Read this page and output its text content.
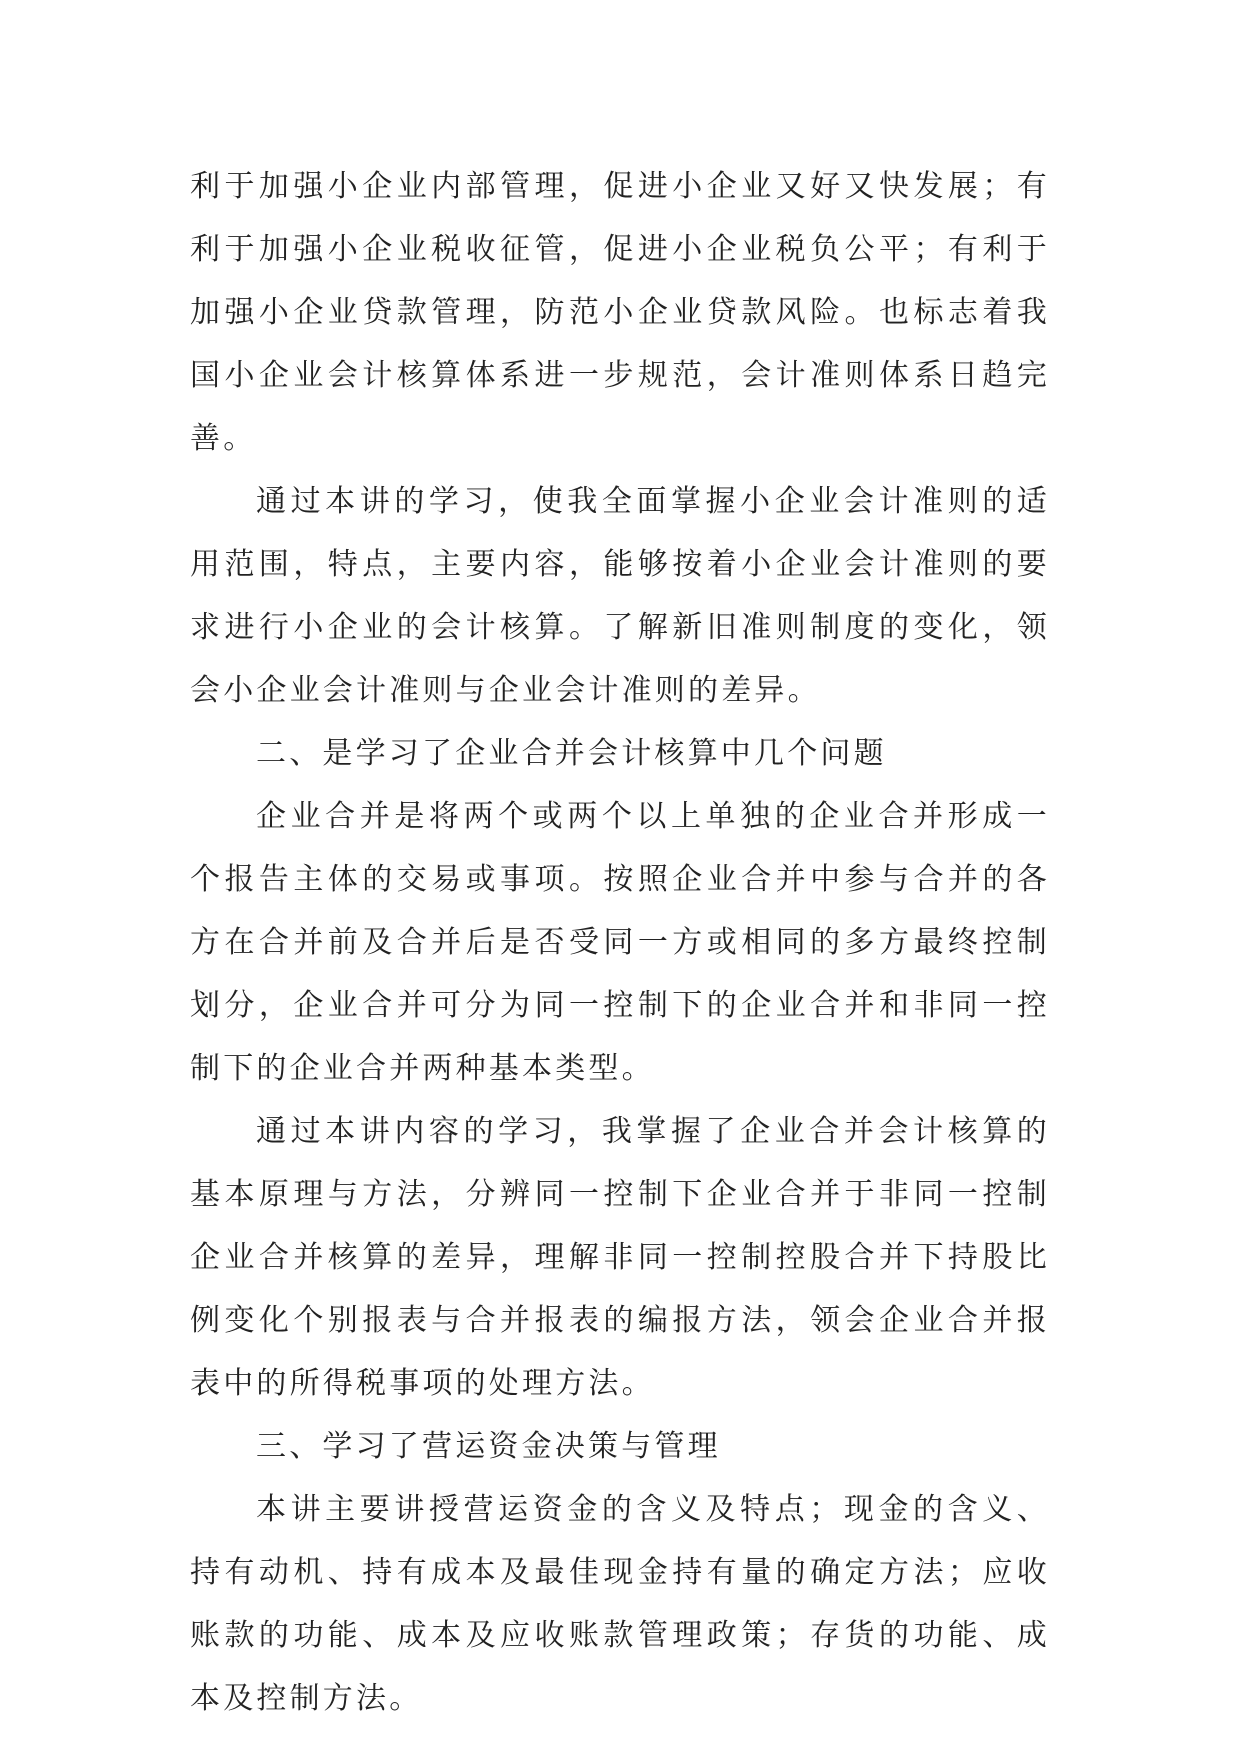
利于加强小企业内部管理，促进小企业又好又快发展；有利于加强小企业税收征管，促进小企业税负公平；有利于加强小企业贷款管理，防范小企业贷款风险。也标志着我国小企业会计核算体系进一步规范，会计准则体系日趋完善。

通过本讲的学习，使我全面掌握小企业会计准则的适用范围，特点，主要内容，能够按着小企业会计准则的要求进行小企业的会计核算。了解新旧准则制度的变化，领会小企业会计准则与企业会计准则的差异。

二、是学习了企业合并会计核算中几个问题

企业合并是将两个或两个以上单独的企业合并形成一个报告主体的交易或事项。按照企业合并中参与合并的各方在合并前及合并后是否受同一方或相同的多方最终控制划分，企业合并可分为同一控制下的企业合并和非同一控制下的企业合并两种基本类型。

通过本讲内容的学习，我掌握了企业合并会计核算的基本原理与方法，分辨同一控制下企业合并于非同一控制企业合并核算的差异，理解非同一控制控股合并下持股比例变化个别报表与合并报表的编报方法，领会企业合并报表中的所得税事项的处理方法。

三、学习了营运资金决策与管理

本讲主要讲授营运资金的含义及特点；现金的含义、持有动机、持有成本及最佳现金持有量的确定方法；应收账款的功能、成本及应收账款管理政策；存货的功能、成本及控制方法。
